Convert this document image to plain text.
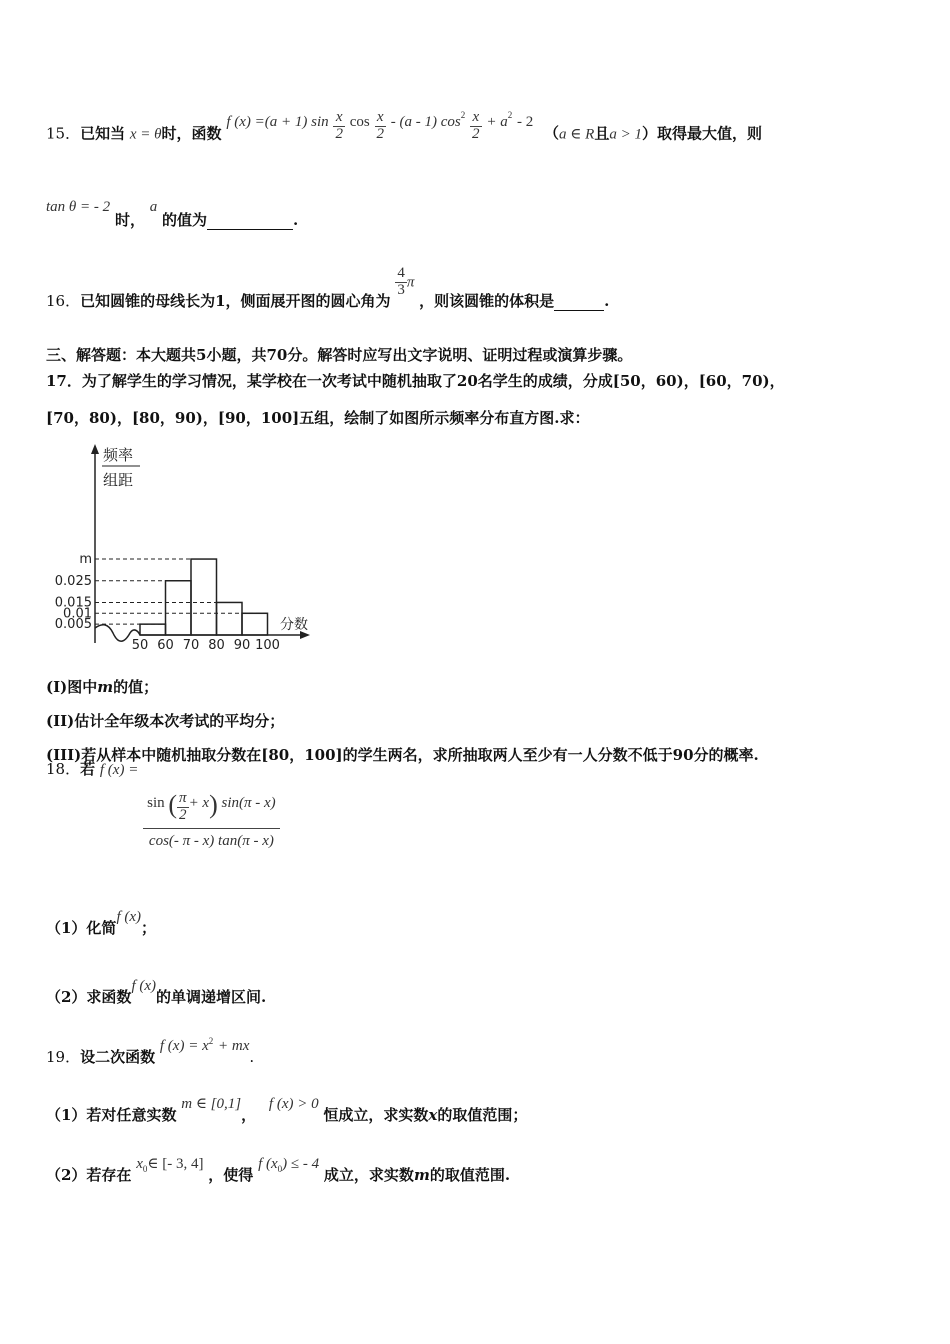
15．已知当 x = θ时，函数 f (x) =(a + 1) $\sin \frac{x}{2}$ $\cos \frac{x}{2} - (a - 1)$ $\cos^2 \frac{x}{2} + a^2 - 2$ （a ∈ R且a > 1）取得最大值，则
tan θ = - 2 时， a 的值为	.
16．已知圆锥的母线长为1，侧面展开图的圆心角为
$\frac{4}{3}$ π ，则该圆锥的体积是	.
三、解答题：本大题共5小题，共70分。解答时应写出文字说明、证明过程或演算步骤。
17．为了解学生的学习情况，某学校在一次考试中随机抽取了20名学生的成绩，分成[50，60)，[60，70)，
[70，80)，[80，90)，[90，100]五组，绘制了如图所示频率分布直方图.求：
频率
组距
分数
0.005
0.01
0.015
0.025
m
50 60 70 80 90 100
(I)图中m的值；
(II)估计全年级本次考试的平均分；
(III)若从样本中随机抽取分数在[80，100]的学生两名，求所抽取两人至少有一人分数不低于90分的概率.
18．若 f (x) =
$\frac{\sin ( \frac{\pi}{2} + x) \sin(\pi - x)}{\cos(- \pi - x) \tan(\pi - x)}$
（1）化简f (x)；
（2）求函数f (x)的单调递增区间.
19．设二次函数 f $(x) = x^2$ + mx.
（1）若对任意实数 m ∈ [0,1]， f (x) > 0 恒成立，求实数x的取值范围；
（2）若存在 $x_0\in$ [- 3, 4] ，使得 f $(x_0)$ ≤ - 4 成立，求实数m的取值范围.
